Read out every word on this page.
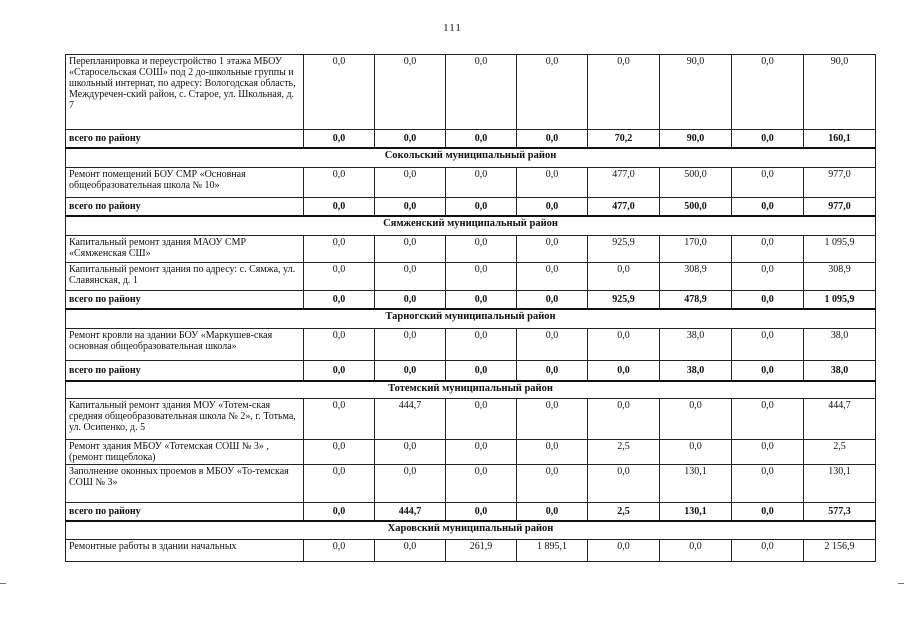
111
Перепланировка и переустройство 1 этажа МБОУ «Старосельская СОШ» под 2 до-школьные группы и школьный интернат, по адресу: Вологодская область, Междуречен-ский район, с. Старое, ул. Школьная, д. 7	0,0	0,0	0,0	0,0	0,0	90,0	0,0	90,0
всего по району	0,0	0,0	0,0	0,0	70,2	90,0	0,0	160,1
Сокольский муниципальный район								
Ремонт помещений БОУ СМР «Основная общеобразовательная школа № 10»	0,0	0,0	0,0	0,0	477,0	500,0	0,0	977,0
всего по району	0,0	0,0	0,0	0,0	477,0	500,0	0,0	977,0
Сямженский муниципальный район								
Капитальный ремонт здания МАОУ СМР «Сямженская СШ»	0,0	0,0	0,0	0,0	925,9	170,0	0,0	1 095,9
Капитальный ремонт здания по адресу: с. Сямжа, ул. Славянская, д. 1	0,0	0,0	0,0	0,0	0,0	308,9	0,0	308,9
всего по району	0,0	0,0	0,0	0,0	925,9	478,9	0,0	1 095,9
Тарногский муниципальный район								
Ремонт кровли на здании БОУ «Маркушев-ская основная общеобразовательная школа»	0,0	0,0	0,0	0,0	0,0	38,0	0,0	38,0
всего по району	0,0	0,0	0,0	0,0	0,0	38,0	0,0	38,0
Тотемский муниципальный район								
Капитальный ремонт здания МОУ «Тотем-ская средняя общеобразовательная школа № 2», г. Тотьма, ул. Осипенко, д. 5	0,0	444,7	0,0	0,0	0,0	0,0	0,0	444,7
Ремонт здания МБОУ «Тотемская СОШ № 3» , (ремонт пищеблока)	0,0	0,0	0,0	0,0	2,5	0,0	0,0	2,5
Заполнение оконных проемов в МБОУ «То-темская СОШ № 3»	0,0	0,0	0,0	0,0	0,0	130,1	0,0	130,1
всего по району	0,0	444,7	0,0	0,0	2,5	130,1	0,0	577,3
Харовский муниципальный район								
Ремонтные работы в здании начальных	0,0	0,0	261,9	1 895,1	0,0	0,0	0,0	2 156,9
